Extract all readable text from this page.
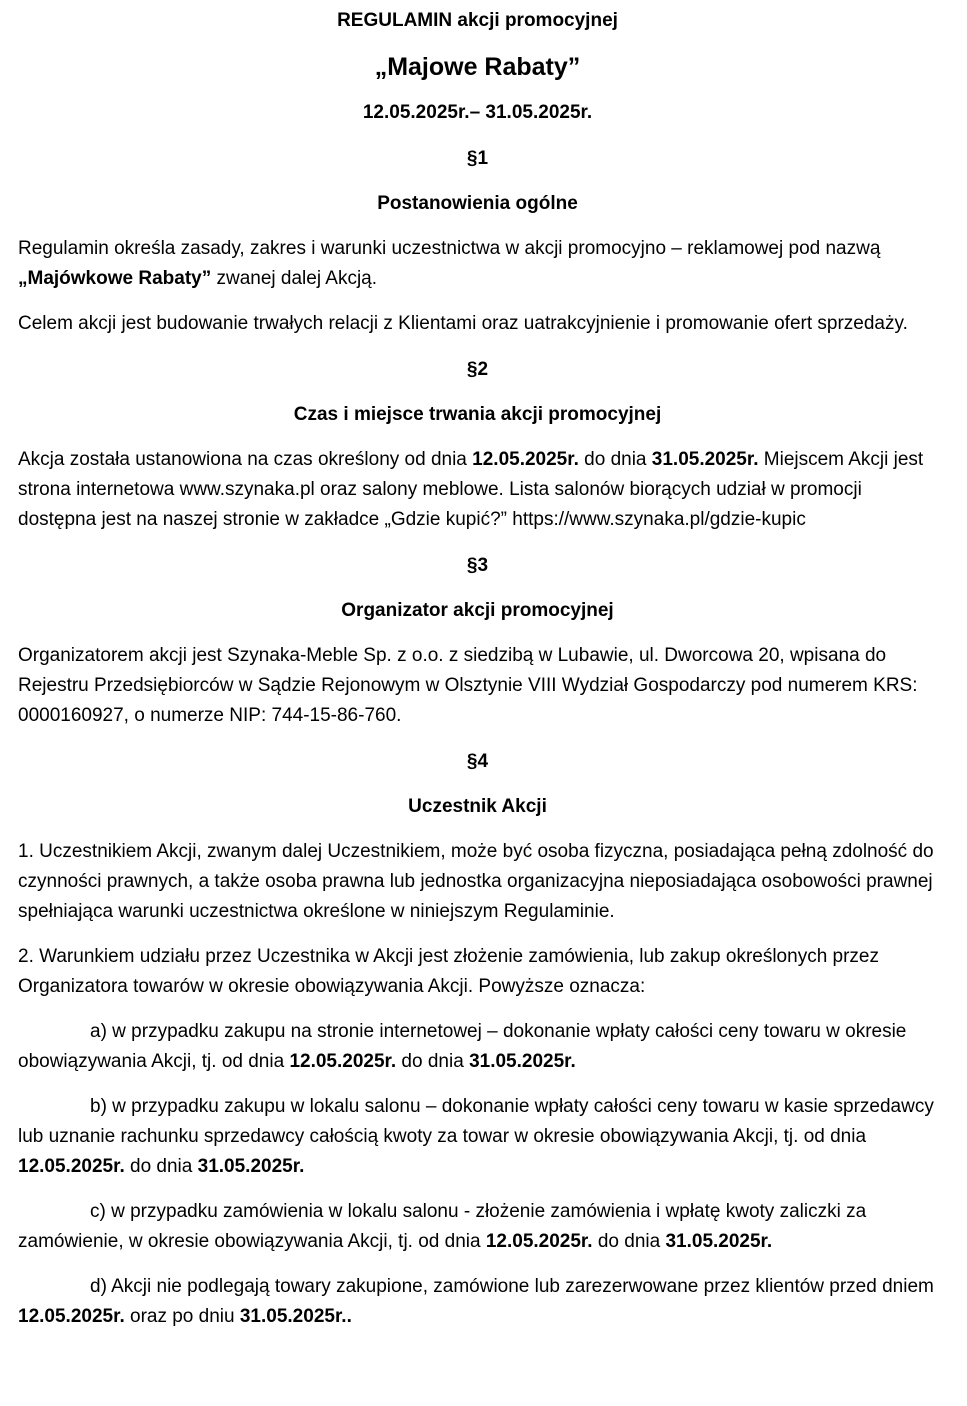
REGULAMIN akcji promocyjnej
„Majowe Rabaty”
12.05.2025r.– 31.05.2025r.
§1
Postanowienia ogólne

Regulamin określa zasady, zakres i warunki uczestnictwa w akcji promocyjno – reklamowej pod nazwą „Majówkowe Rabaty” zwanej dalej Akcją.

Celem akcji jest budowanie trwałych relacji z Klientami oraz uatrakcyjnienie i promowanie ofert sprzedaży.

§2
Czas i miejsce trwania akcji promocyjnej

Akcja została ustanowiona na czas określony od dnia 12.05.2025r. do dnia 31.05.2025r. Miejscem Akcji jest strona internetowa www.szynaka.pl oraz salony meblowe. Lista salonów biorących udział w promocji dostępna jest na naszej stronie w zakładce „Gdzie kupić?” https://www.szynaka.pl/gdzie-kupic

§3
Organizator akcji promocyjnej

Organizatorem akcji jest Szynaka-Meble Sp. z o.o. z siedzibą w Lubawie, ul. Dworcowa 20, wpisana do Rejestru Przedsiębiorców w Sądzie Rejonowym w Olsztynie VIII Wydział Gospodarczy pod numerem KRS: 0000160927, o numerze NIP: 744-15-86-760.

§4
Uczestnik Akcji

1. Uczestnikiem Akcji, zwanym dalej Uczestnikiem, może być osoba fizyczna, posiadająca pełną zdolność do czynności prawnych, a także osoba prawna lub jednostka organizacyjna nieposiadająca osobowości prawnej spełniająca warunki uczestnictwa określone w niniejszym Regulaminie.

2. Warunkiem udziału przez Uczestnika w Akcji jest złożenie zamówienia, lub zakup określonych przez Organizatora towarów w okresie obowiązywania Akcji. Powyższe oznacza:

a) w przypadku zakupu na stronie internetowej – dokonanie wpłaty całości ceny towaru w okresie obowiązywania Akcji, tj. od dnia 12.05.2025r. do dnia 31.05.2025r.

b) w przypadku zakupu w lokalu salonu – dokonanie wpłaty całości ceny towaru w kasie sprzedawcy lub uznanie rachunku sprzedawcy całością kwoty za towar w okresie obowiązywania Akcji, tj. od dnia 12.05.2025r. do dnia 31.05.2025r.

c) w przypadku zamówienia w lokalu salonu - złożenie zamówienia i wpłatę kwoty zaliczki za zamówienie, w okresie obowiązywania Akcji, tj. od dnia 12.05.2025r. do dnia 31.05.2025r.

d) Akcji nie podlegają towary zakupione, zamówione lub zarezerwowane przez klientów przed dniem 12.05.2025r. oraz po dniu 31.05.2025r..
